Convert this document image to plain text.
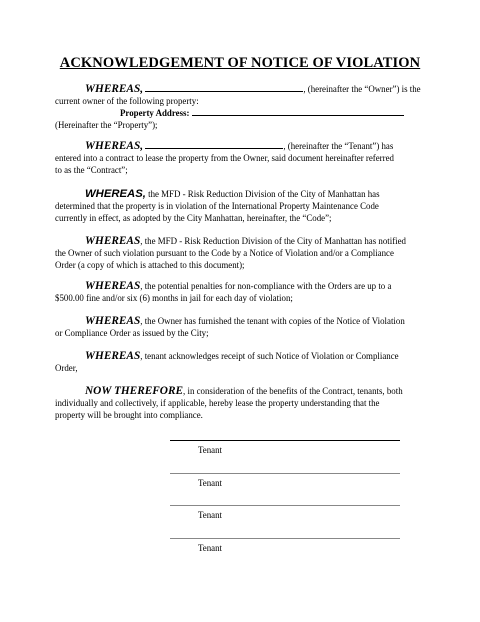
ACKNOWLEDGEMENT OF NOTICE OF VIOLATION
WHEREAS,	, (hereinafter the “Owner”) is the
current owner of the following property:
Property Address:
(Hereinafter the “Property”);
WHEREAS,	, (hereinafter the “Tenant”) has
entered into a contract to lease the property from the Owner, said document hereinafter referred
to as the “Contract”;
WHEREAS, the MFD - Risk Reduction Division of the City of Manhattan has
determined that the property is in violation of the International Property Maintenance Code
currently in effect, as adopted by the City Manhattan, hereinafter, the “Code”;
WHEREAS, the MFD - Risk Reduction Division of the City of Manhattan has notified
the Owner of such violation pursuant to the Code by a Notice of Violation and/or a Compliance
Order (a copy of which is attached to this document);
WHEREAS, the potential penalties for non-compliance with the Orders are up to a
$500.00 fine and/or six (6) months in jail for each day of violation;
WHEREAS, the Owner has furnished the tenant with copies of the Notice of Violation
or Compliance Order as issued by the City;
WHEREAS, tenant acknowledges receipt of such Notice of Violation or Compliance
Order,
NOW THEREFORE, in consideration of the benefits of the Contract, tenants, both
individually and collectively, if applicable, hereby lease the property understanding that the
property will be brought into compliance.
Tenant
Tenant
Tenant
Tenant
